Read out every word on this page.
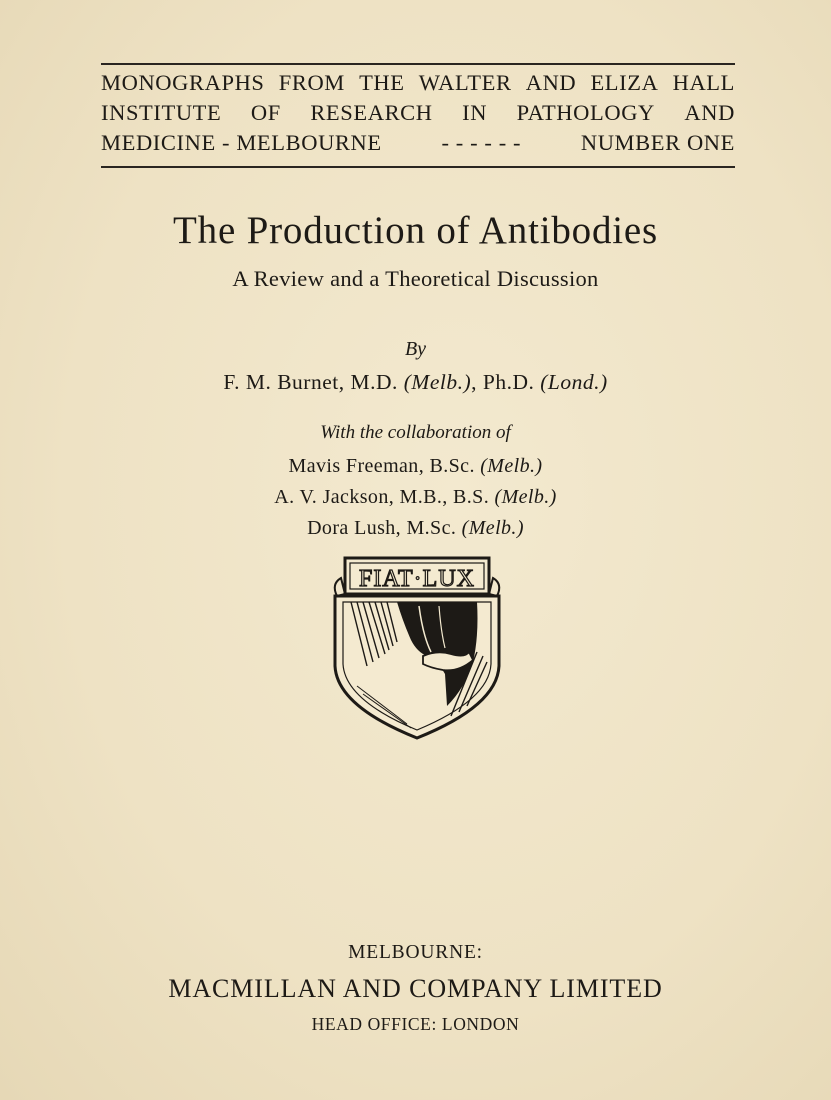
MONOGRAPHS FROM THE WALTER AND ELIZA HALL
INSTITUTE OF RESEARCH IN PATHOLOGY AND
MEDICINE - MELBOURNE	- - - - - -	NUMBER ONE
The Production of Antibodies
A Review and a Theoretical Discussion
By
F. M. Burnet, M.D. (Melb.), Ph.D. (Lond.)
With the collaboration of
Mavis Freeman, B.Sc. (Melb.)
A. V. Jackson, M.B., B.S. (Melb.)
Dora Lush, M.Sc. (Melb.)
FIAT·LUX
MELBOURNE:
MACMILLAN AND COMPANY LIMITED
HEAD OFFICE: LONDON
